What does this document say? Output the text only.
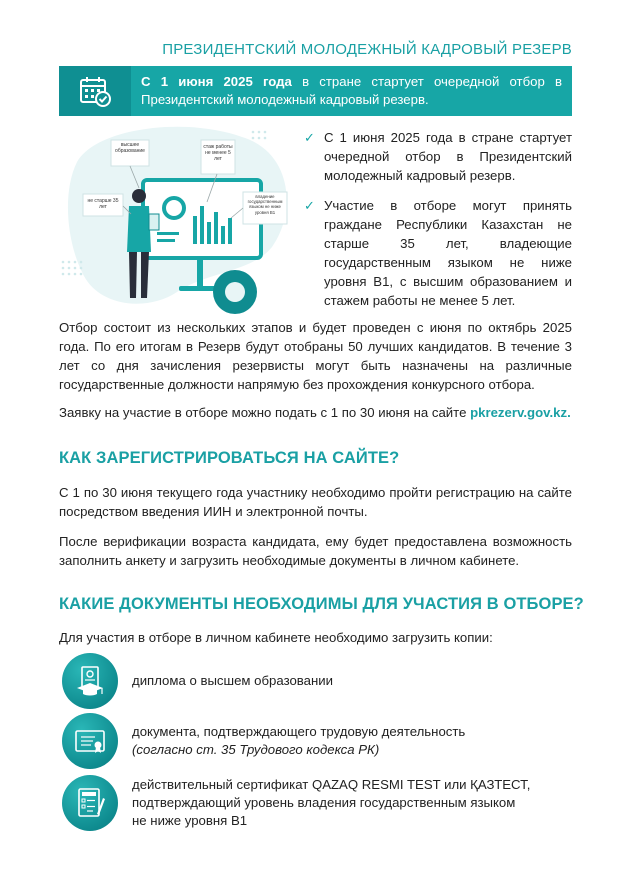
ПРЕЗИДЕНТСКИЙ МОЛОДЕЖНЫЙ КАДРОВЫЙ РЕЗЕРВ
С 1 июня 2025 года в стране стартует очередной отбор в Президентский молодежный кадровый резерв.
высшее образование
стаж работы не менее 5 лет
не старше 35 лет
владение государственным языком не ниже уровня В1
✓ С 1 июня 2025 года в стране стартует очередной отбор в Президентский молодежный кадровый резерв.
✓ Участие в отборе могут принять граждане Республики Казахстан не старше 35 лет, владеющие государственным языком не ниже уровня В1, с высшим образованием и стажем работы не менее 5 лет.

Отбор состоит из нескольких этапов и будет проведен с июня по октябрь 2025 года. По его итогам в Резерв будут отобраны 50 лучших кандидатов. В течение 3 лет со дня зачисления резервисты могут быть назначены на различные государственные должности напрямую без прохождения конкурсного отбора.

Заявку на участие в отборе можно подать с 1 по 30 июня на сайте pkrezerv.gov.kz.

КАК ЗАРЕГИСТРИРОВАТЬСЯ НА САЙТЕ?

С 1 по 30 июня текущего года участнику необходимо пройти регистрацию на сайте посредством введения ИИН и электронной почты.

После верификации возраста кандидата, ему будет предоставлена возможность заполнить анкету и загрузить необходимые документы в личном кабинете.

КАКИЕ ДОКУМЕНТЫ НЕОБХОДИМЫ ДЛЯ УЧАСТИЯ В ОТБОРЕ?

Для участия в отборе в личном кабинете необходимо загрузить копии:

диплома о высшем образовании
документа, подтверждающего трудовую деятельность
(согласно ст. 35 Трудового кодекса РК)
действительный сертификат QAZAQ RESMI TEST или ҚАЗТЕСТ,
подтверждающий уровень владения государственным языком
не ниже уровня В1
